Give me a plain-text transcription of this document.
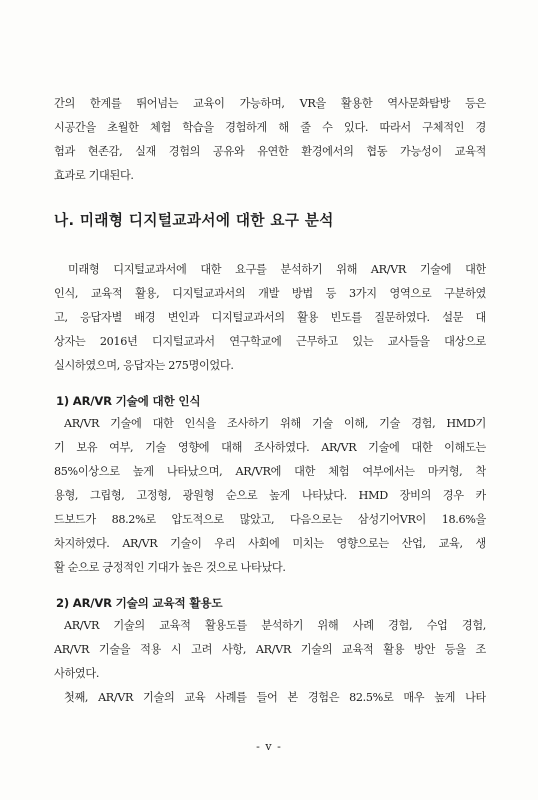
간의 한계를 뛰어넘는 교육이 가능하며, VR을 활용한 역사문화탐방 등은
시공간을 초월한 체험 학습을 경험하게 해 줄 수 있다. 따라서 구체적인 경
험과 현존감, 실재 경험의 공유와 유연한 환경에서의 협동 가능성이 교육적
효과로 기대된다.
나. 미래형 디지털교과서에 대한 요구 분석
미래형 디지털교과서에 대한 요구를 분석하기 위해 AR/VR 기술에 대한
인식, 교육적 활용, 디지털교과서의 개발 방법 등 3가지 영역으로 구분하였
고, 응답자별 배경 변인과 디지털교과서의 활용 빈도를 질문하였다. 설문 대
상자는 2016년 디지털교과서 연구학교에 근무하고 있는 교사들을 대상으로
실시하였으며, 응답자는 275명이었다.
1) AR/VR 기술에 대한 인식
AR/VR 기술에 대한 인식을 조사하기 위해 기술 이해, 기술 경험, HMD기
기 보유 여부, 기술 영향에 대해 조사하였다. AR/VR 기술에 대한 이해도는
85%이상으로 높게 나타났으며, AR/VR에 대한 체험 여부에서는 마커형, 착
용형, 그립형, 고정형, 광원형 순으로 높게 나타났다. HMD 장비의 경우 카
드보드가 88.2%로 압도적으로 많았고, 다음으로는 삼성기어VR이 18.6%을
차지하였다. AR/VR 기술이 우리 사회에 미치는 영향으로는 산업, 교육, 생
활 순으로 긍정적인 기대가 높은 것으로 나타났다.
2) AR/VR 기술의 교육적 활용도
AR/VR 기술의 교육적 활용도를 분석하기 위해 사례 경험, 수업 경험,
AR/VR 기술을 적용 시 고려 사항, AR/VR 기술의 교육적 활용 방안 등을 조
사하였다.
첫째, AR/VR 기술의 교육 사례를 들어 본 경험은 82.5%로 매우 높게 나타
- v -
